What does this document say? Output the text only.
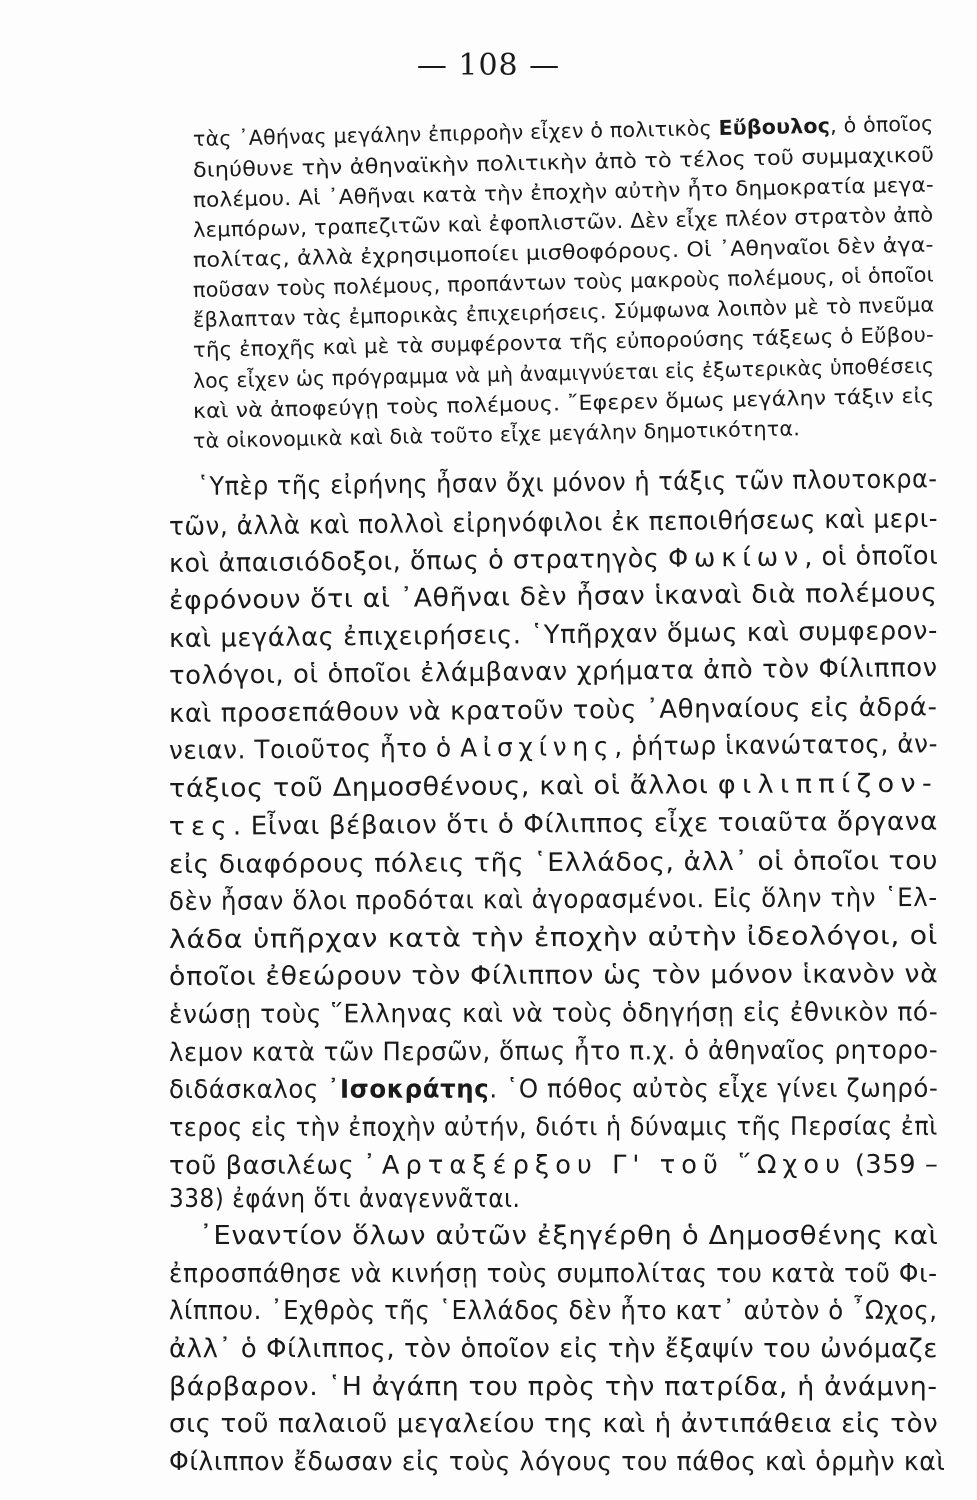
— 108 —
τὰς ᾿Αθήνας μεγάλην ἐπιρροὴν εἶχεν ὁ πολιτικὸς Εὔβουλος, ὁ ὁποῖος
διηύθυνε τὴν ἀθηναϊκὴν πολιτικὴν ἀπὸ τὸ τέλος τοῦ συμμαχικοῦ
πολέμου. Αἱ ᾿Αθῆναι κατὰ τὴν ἐποχὴν αὐτὴν ἦτο δημοκρατία μεγα-
λεμπόρων, τραπεζιτῶν καὶ ἐφοπλιστῶν. Δὲν εἶχε πλέον στρατὸν ἀπὸ
πολίτας, ἀλλὰ ἐχρησιμοποίει μισθοφόρους. Οἱ ᾿Αθηναῖοι δὲν ἀγα-
ποῦσαν τοὺς πολέμους, προπάντων τοὺς μακροὺς πολέμους, οἱ ὁποῖοι
ἔβλαπταν τὰς ἐμπορικὰς ἐπιχειρήσεις. Σύμφωνα λοιπὸν μὲ τὸ πνεῦμα
τῆς ἐποχῆς καὶ μὲ τὰ συμφέροντα τῆς εὐπορούσης τάξεως ὁ Εὔβου-
λος εἶχεν ὡς πρόγραμμα νὰ μὴ ἀναμιγνύεται εἰς ἐξωτερικὰς ὑποθέσεις
καὶ νὰ ἀποφεύγῃ τοὺς πολέμους. ῎Εφερεν ὅμως μεγάλην τάξιν εἰς
τὰ οἰκονομικὰ καὶ διὰ τοῦτο εἶχε μεγάλην δημοτικότητα.
῾Υπὲρ τῆς εἰρήνης ἦσαν ὄχι μόνον ἡ τάξις τῶν πλουτοκρα-
τῶν, ἀλλὰ καὶ πολλοὶ εἰρηνόφιλοι ἐκ πεποιθήσεως καὶ μερι-
κοὶ ἀπαισιόδοξοι, ὅπως ὁ στρατηγὸς Φωκίων, οἱ ὁποῖοι
ἐφρόνουν ὅτι αἱ ᾿Αθῆναι δὲν ἦσαν ἱκαναὶ διὰ πολέμους
καὶ μεγάλας ἐπιχειρήσεις. ῾Υπῆρχαν ὅμως καὶ συμφερον-
τολόγοι, οἱ ὁποῖοι ἐλάμβαναν χρήματα ἀπὸ τὸν Φίλιππον
καὶ προσεπάθουν νὰ κρατοῦν τοὺς ᾿Αθηναίους εἰς ἀδρά-
νειαν. Τοιοῦτος ἦτο ὁ Αἰσχίνης, ῥήτωρ ἱκανώτατος, ἀν-
τάξιος τοῦ Δημοσθένους, καὶ οἱ ἄλλοι φιλιππίζον-
τες. Εἶναι βέβαιον ὅτι ὁ Φίλιππος εἶχε τοιαῦτα ὄργανα
εἰς διαφόρους πόλεις τῆς ῾Ελλάδος, ἀλλ᾿ οἱ ὁποῖοι του
δὲν ἦσαν ὅλοι προδόται καὶ ἀγορασμένοι. Εἰς ὅλην τὴν ῾Ελ-
λάδα ὑπῆρχαν κατὰ τὴν ἐποχὴν αὐτὴν ἰδεολόγοι, οἱ
ὁποῖοι ἐθεώρουν τὸν Φίλιππον ὡς τὸν μόνον ἱκανὸν νὰ
ἑνώσῃ τοὺς ῞Ελληνας καὶ νὰ τοὺς ὁδηγήσῃ εἰς ἐθνικὸν πό-
λεμον κατὰ τῶν Περσῶν, ὅπως ἦτο π.χ. ὁ ἀθηναῖος ρητορο-
διδάσκαλος ᾿Ισοκράτης. ῾Ο πόθος αὐτὸς εἶχε γίνει ζωηρό-
τερος εἰς τὴν ἐποχὴν αὐτήν, διότι ἡ δύναμις τῆς Περσίας ἐπὶ
τοῦ βασιλέως ᾿Αρταξέρξου Γ' τοῦ ῞Ωχου (359 –
338) ἐφάνη ὅτι ἀναγεννᾶται.
᾿Εναντίον ὅλων αὐτῶν ἐξηγέρθη ὁ Δημοσθένης καὶ
ἐπροσπάθησε νὰ κινήσῃ τοὺς συμπολίτας του κατὰ τοῦ Φι-
λίππου. ᾿Εχθρὸς τῆς ῾Ελλάδος δὲν ἦτο κατ᾿ αὐτὸν ὁ ῏Ωχος,
ἀλλ᾿ ὁ Φίλιππος, τὸν ὁποῖον εἰς τὴν ἔξαψίν του ὠνόμαζε
βάρβαρον. ῾Η ἀγάπη του πρὸς τὴν πατρίδα, ἡ ἀνάμνη-
σις τοῦ παλαιοῦ μεγαλείου της καὶ ἡ ἀντιπάθεια εἰς τὸν
Φίλιππον ἔδωσαν εἰς τοὺς λόγους του πάθος καὶ ὁρμὴν καὶ
